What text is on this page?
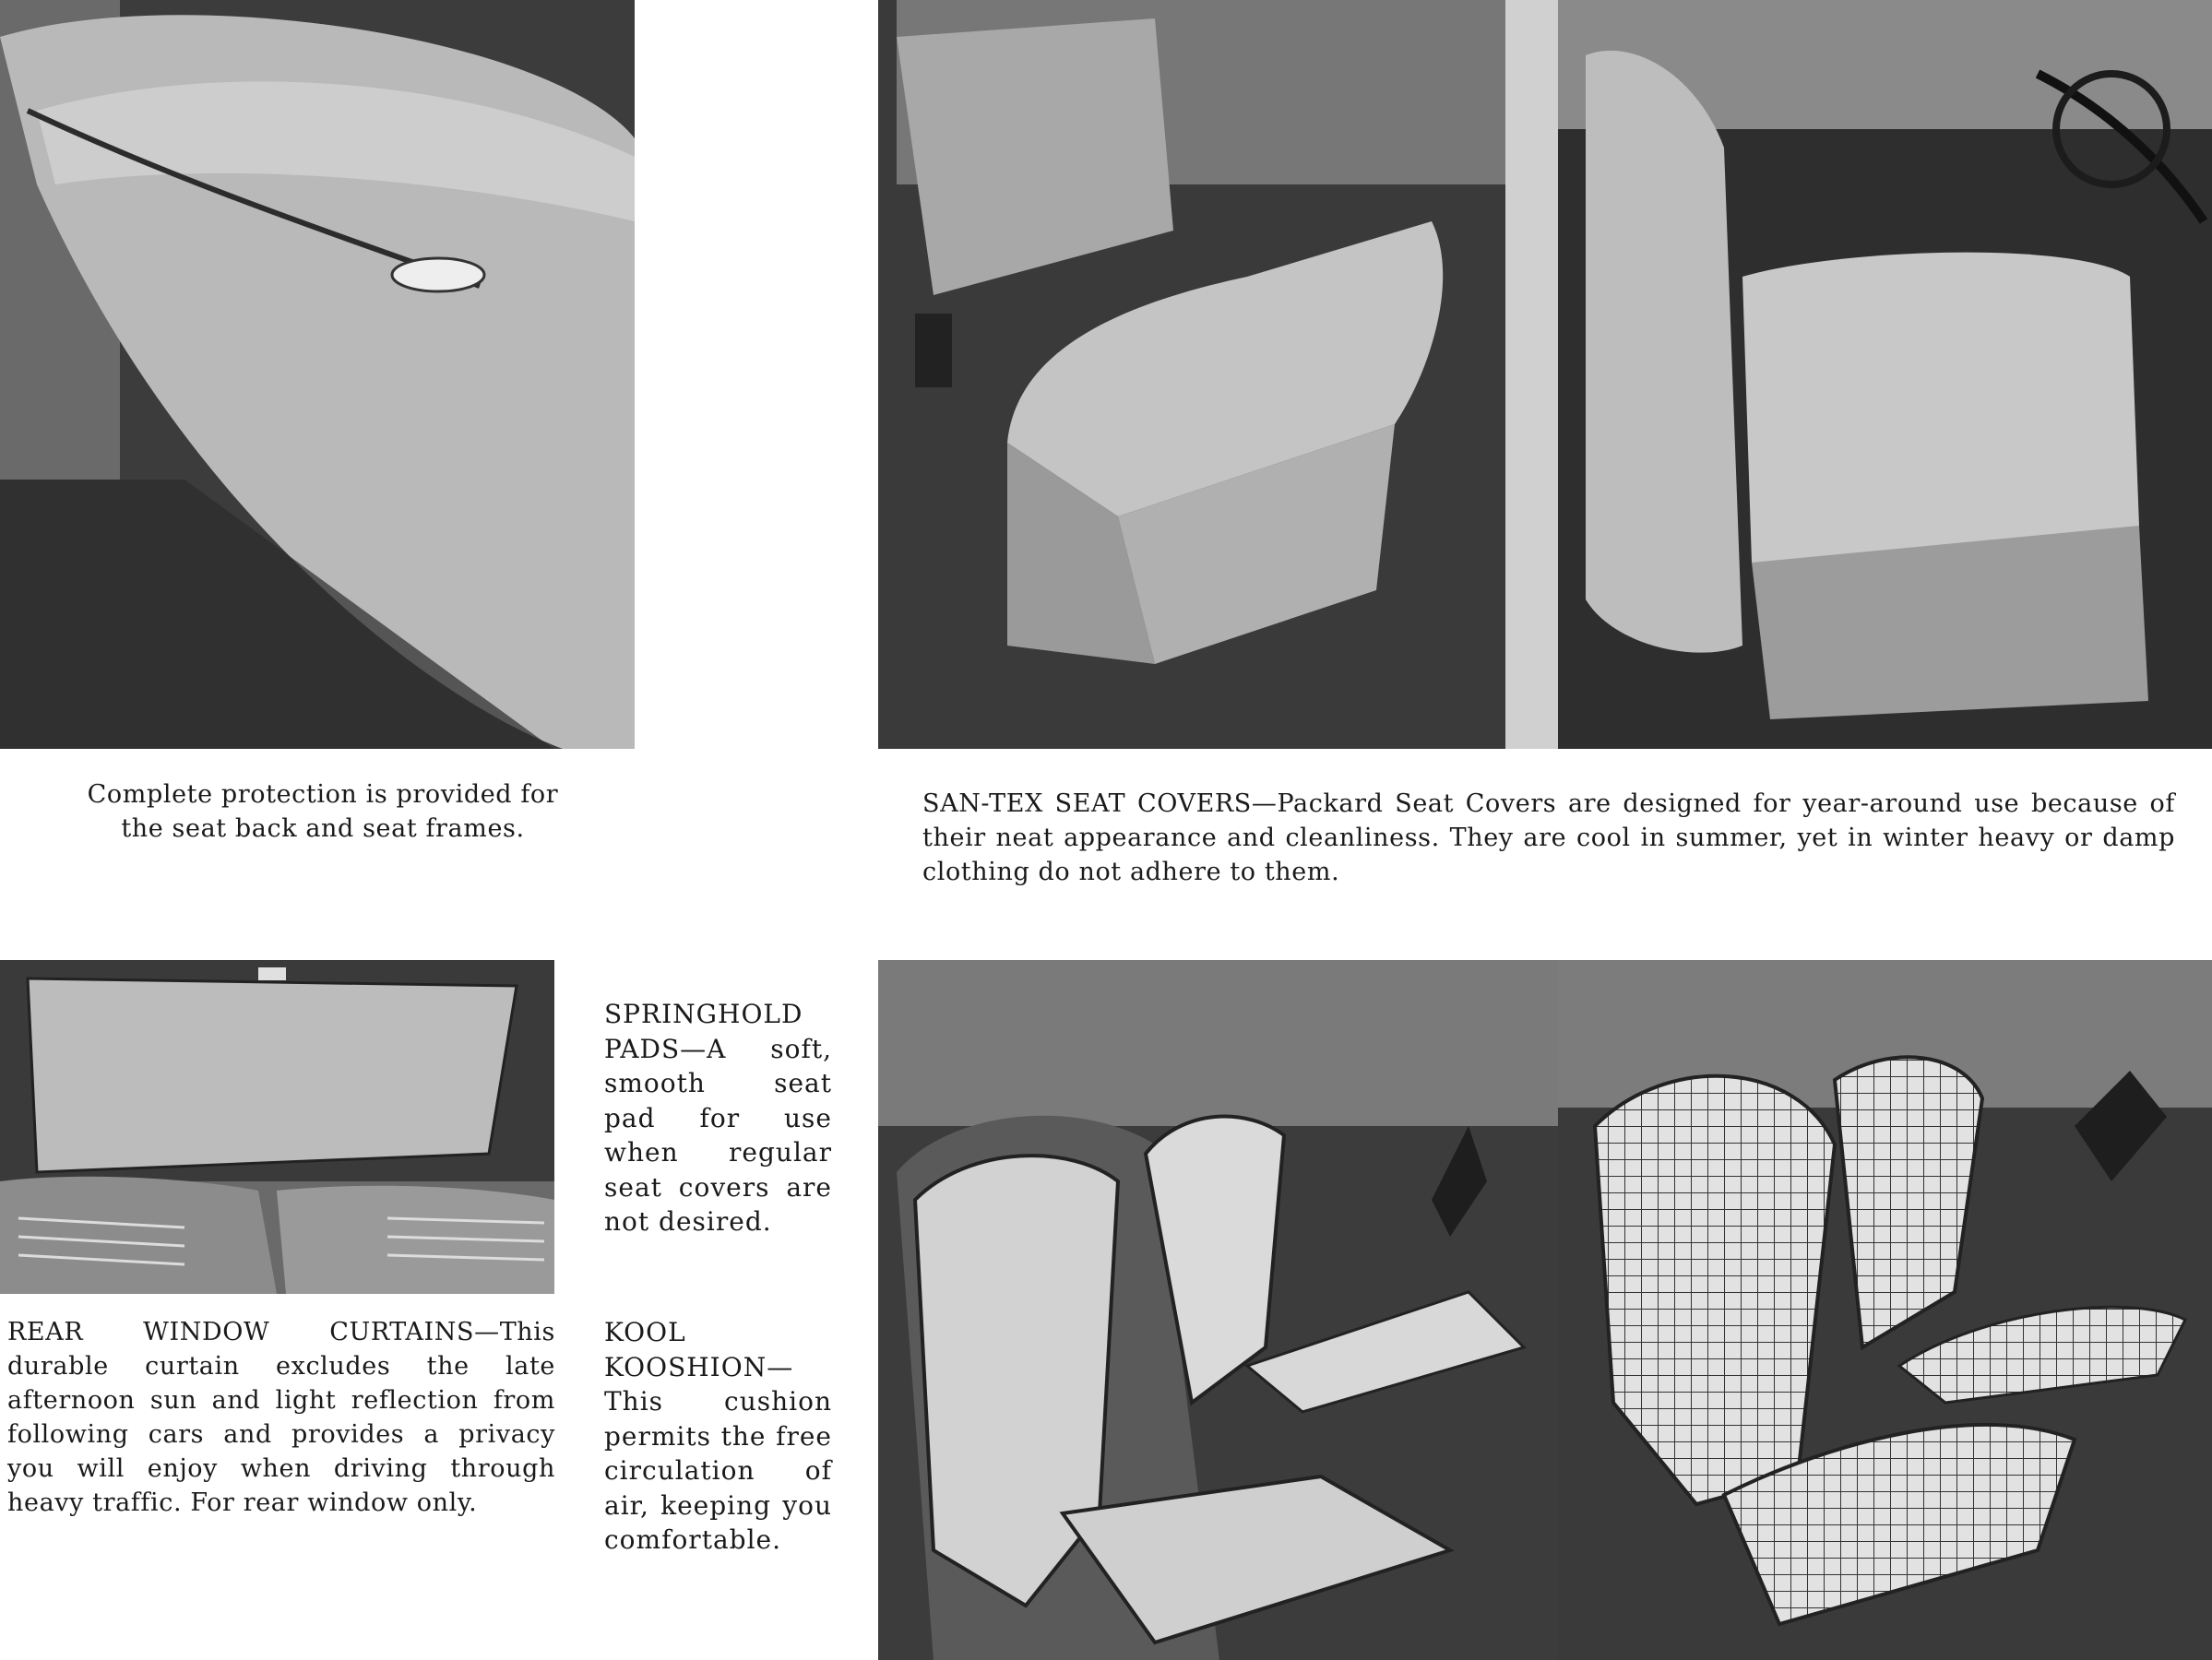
Complete protection is provided for the seat back and seat frames.

SAN-TEX SEAT COVERS—Packard Seat Covers are designed for year-around use because of their neat appearance and cleanliness. They are cool in summer, yet in winter heavy or damp clothing do not adhere to them.

SPRINGHOLD PADS—A soft, smooth seat pad for use when regular seat covers are not desired.

REAR WINDOW CURTAINS—This durable curtain excludes the late afternoon sun and light reflection from following cars and provides a privacy you will enjoy when driving through heavy traffic. For rear window only.

KOOL KOOSHION—This cushion permits the free circulation of air, keeping you comfortable.
